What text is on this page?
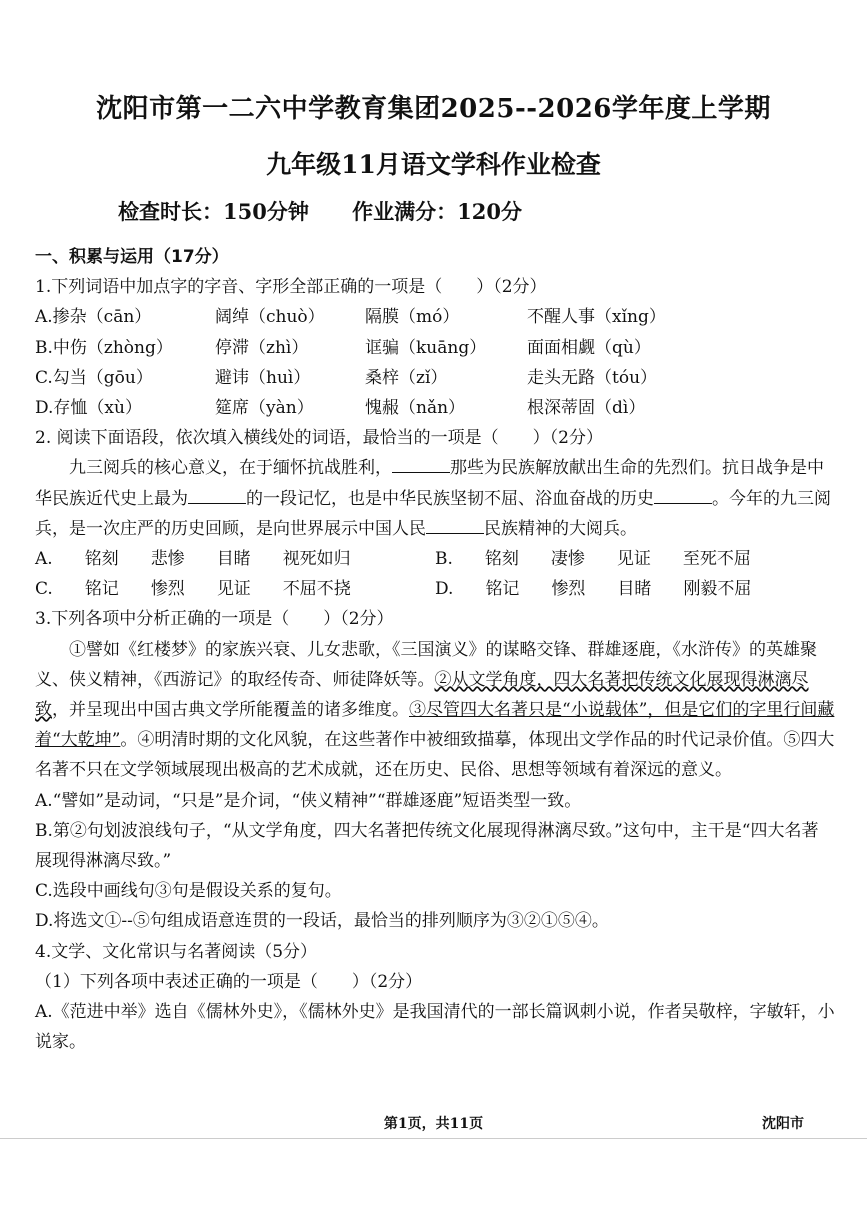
沈阳市第一二六中学教育集团2025--2026学年度上学期
九年级11月语文学科作业检查
检查时长：150分钟 作业满分：120分
一、积累与运用（17分）
1.下列词语中加点字的字音、字形全部正确的一项是（　　）（2分）
A.掺杂（cān）	阔绰（chuò）	隔膜（mó）	不醒人事（xǐng）
B.中伤（zhòng）	停滞（zhì）	诓骗（kuāng）	面面相觑（qù）
C.勾当（gōu）	避讳（huì）	桑梓（zǐ）	走头无路（tóu）
D.存恤（xù）	筵席（yàn）	愧赧（nǎn）	根深蒂固（dì）
2. 阅读下面语段，依次填入横线处的词语，最恰当的一项是（　　）（2分）
九三阅兵的核心意义，在于缅怀抗战胜利，	那些为民族解放献出生命的先烈们。抗日战争是中华民族近代史上最为	的一段记忆，也是中华民族坚韧不屈、浴血奋战的历史	。今年的九三阅兵，是一次庄严的历史回顾，是向世界展示中国人民	民族精神的大阅兵。
A. 铭刻 悲惨 目睹 视死如归	B. 铭刻 凄惨 见证 至死不屈
C. 铭记 惨烈 见证 不屈不挠	D. 铭记 惨烈 目睹 刚毅不屈
3.下列各项中分析正确的一项是（　　）（2分）
①譬如《红楼梦》的家族兴衰、儿女悲歌，《三国演义》的谋略交锋、群雄逐鹿，《水浒传》的英雄聚义、侠义精神，《西游记》的取经传奇、师徒降妖等。②从文学角度，四大名著把传统文化展现得淋漓尽致，并呈现出中国古典文学所能覆盖的诸多维度。③尽管四大名著只是“小说载体”，但是它们的字里行间藏着“大乾坤”。④明清时期的文化风貌，在这些著作中被细致描摹，体现出文学作品的时代记录价值。⑤四大名著不只在文学领域展现出极高的艺术成就，还在历史、民俗、思想等领域有着深远的意义。
A.“譬如”是动词，“只是”是介词，“侠义精神”“群雄逐鹿”短语类型一致。
B.第②句划波浪线句子，“从文学角度，四大名著把传统文化展现得淋漓尽致。”这句中，主干是“四大名著展现得淋漓尽致。”
C.选段中画线句③句是假设关系的复句。
D.将选文①--⑤句组成语意连贯的一段话，最恰当的排列顺序为③②①⑤④。
4.文学、文化常识与名著阅读（5分）
（1）下列各项中表述正确的一项是（　　）（2分）
A.《范进中举》选自《儒林外史》，《儒林外史》是我国清代的一部长篇讽刺小说，作者吴敬梓，字敏轩，小说家。
第1页，共11页	沈阳市
